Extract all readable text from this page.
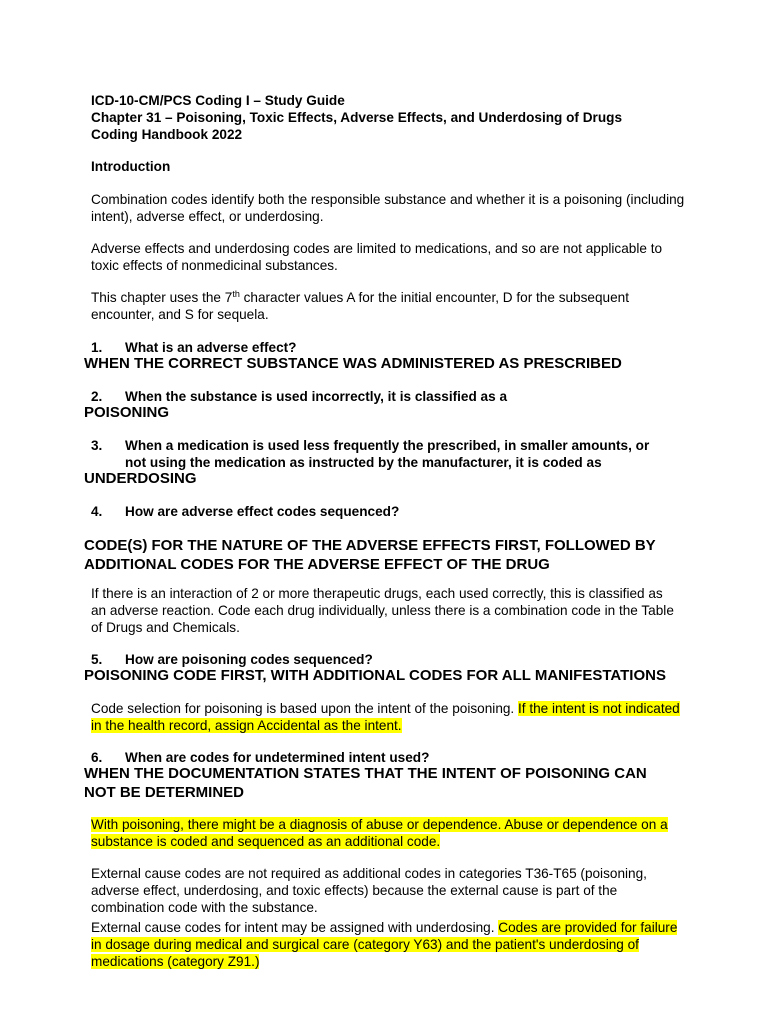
ICD-10-CM/PCS Coding I – Study Guide
Chapter 31 – Poisoning, Toxic Effects, Adverse Effects, and Underdosing of Drugs
Coding Handbook 2022
Introduction
Combination codes identify both the responsible substance and whether it is a poisoning (including intent), adverse effect, or underdosing.
Adverse effects and underdosing codes are limited to medications, and so are not applicable to toxic effects of nonmedicinal substances.
This chapter uses the 7th character values A for the initial encounter, D for the subsequent encounter, and S for sequela.
1. What is an adverse effect?
WHEN THE CORRECT SUBSTANCE WAS ADMINISTERED AS PRESCRIBED
2. When the substance is used incorrectly, it is classified as a
POISONING
3. When a medication is used less frequently the prescribed, in smaller amounts, or not using the medication as instructed by the manufacturer, it is coded as
UNDERDOSING
4. How are adverse effect codes sequenced?
CODE(S) FOR THE NATURE OF THE ADVERSE EFFECTS FIRST, FOLLOWED BY ADDITIONAL CODES FOR THE ADVERSE EFFECT OF THE DRUG
If there is an interaction of 2 or more therapeutic drugs, each used correctly, this is classified as an adverse reaction. Code each drug individually, unless there is a combination code in the Table of Drugs and Chemicals.
5. How are poisoning codes sequenced?
POISONING CODE FIRST, WITH ADDITIONAL CODES FOR ALL MANIFESTATIONS
Code selection for poisoning is based upon the intent of the poisoning. If the intent is not indicated in the health record, assign Accidental as the intent.
6. When are codes for undetermined intent used?
WHEN THE DOCUMENTATION STATES THAT THE INTENT OF POISONING CAN NOT BE DETERMINED
With poisoning, there might be a diagnosis of abuse or dependence. Abuse or dependence on a substance is coded and sequenced as an additional code.
External cause codes are not required as additional codes in categories T36-T65 (poisoning, adverse effect, underdosing, and toxic effects) because the external cause is part of the combination code with the substance.
External cause codes for intent may be assigned with underdosing. Codes are provided for failure in dosage during medical and surgical care (category Y63) and the patient's underdosing of medications (category Z91.)
